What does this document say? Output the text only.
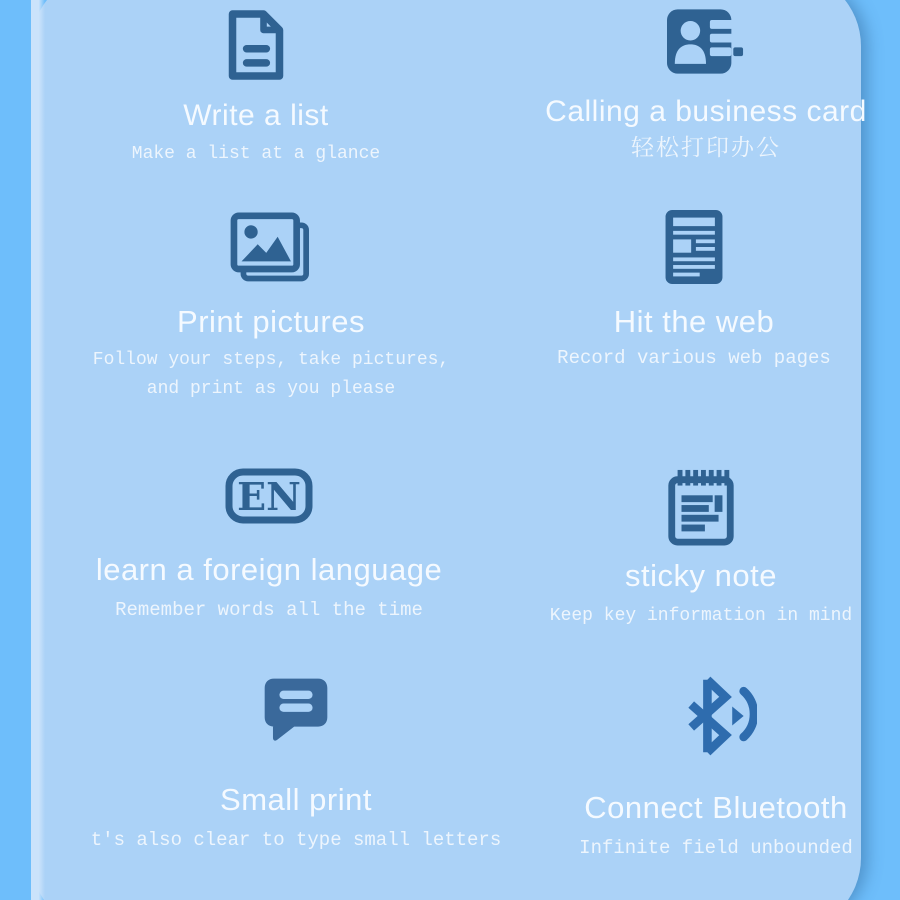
Write a list

Make a list at a glance

Calling a business card

轻松打印办公

Print pictures

Follow your steps, take pictures,
and print as you please

Hit the web

Record various web pages

EN
learn a foreign language

Remember words all the time

sticky note

Keep key information in mind

Small print

t's also clear to type small letters

Connect Bluetooth

Infinite field unbounded
